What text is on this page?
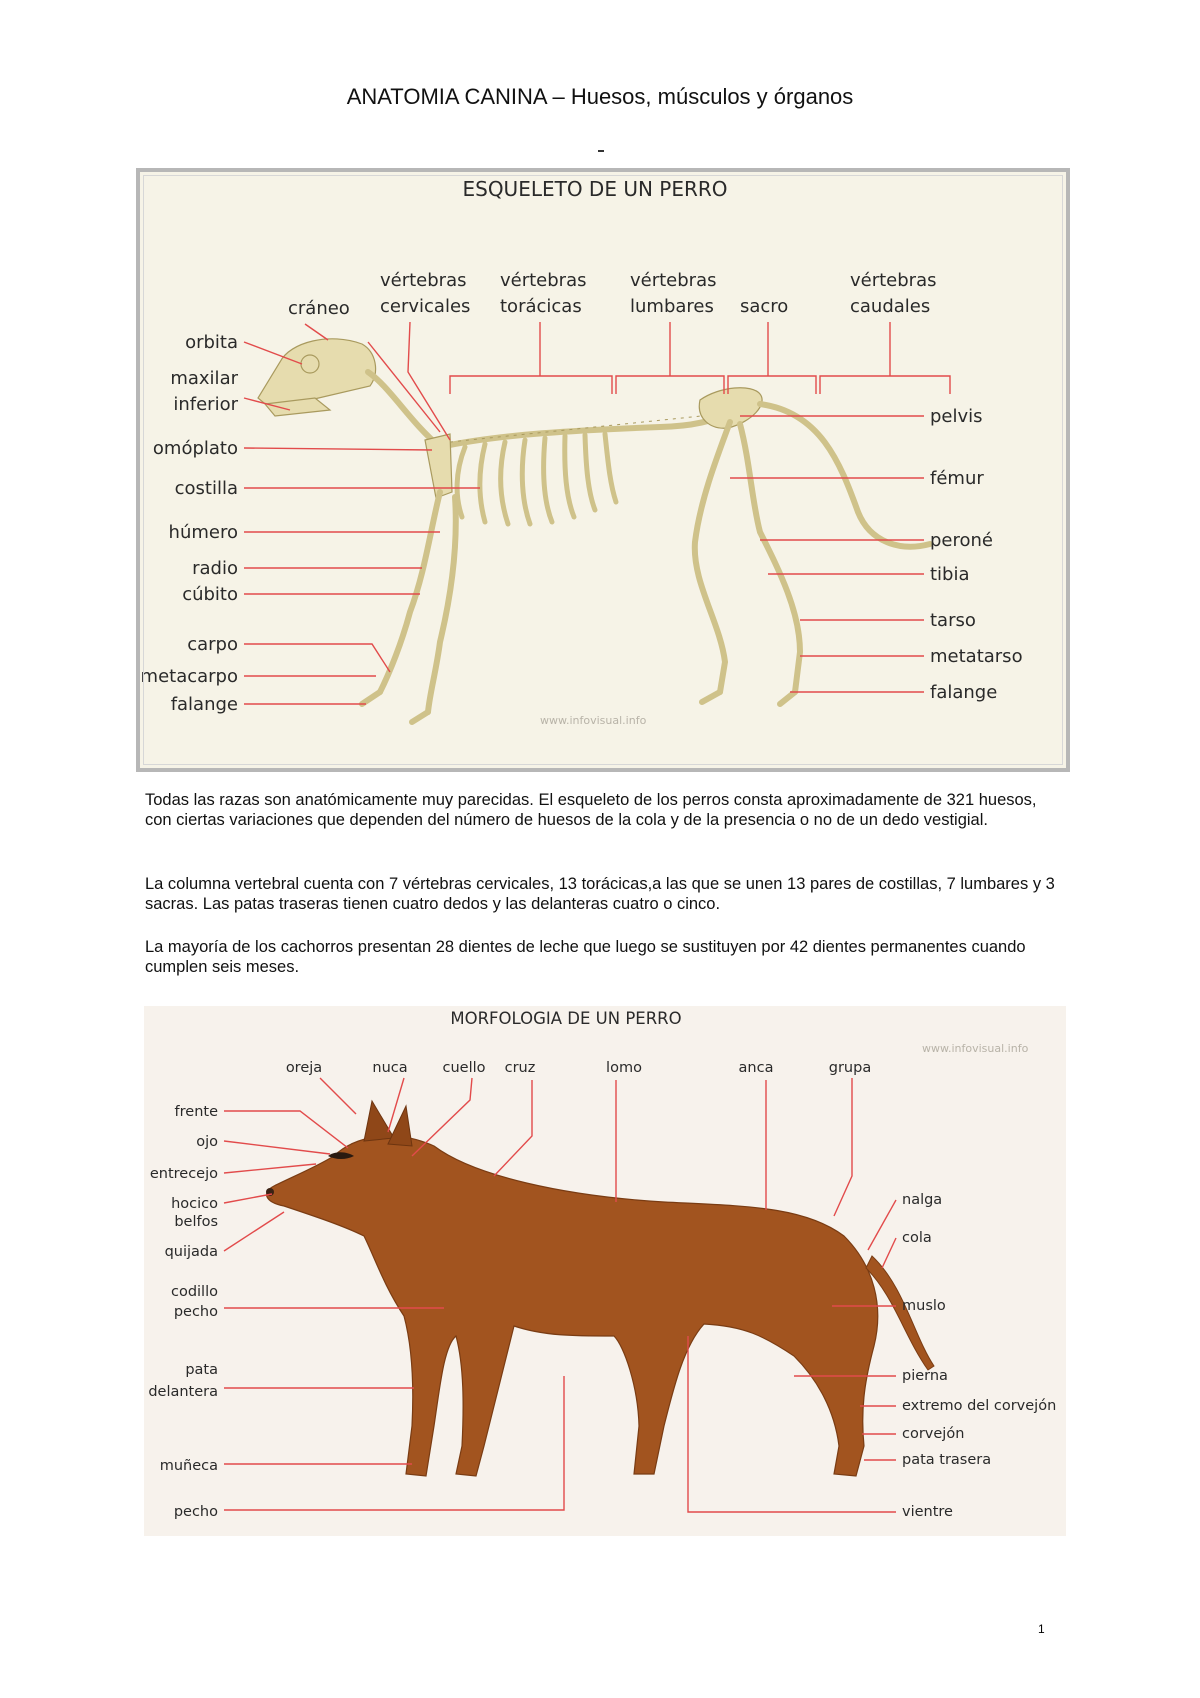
ANATOMIA CANINA – Huesos, músculos y órganos
ESQUELETO DE UN PERRO
www.infovisual.info
cráneo
vértebras
cervicales
vértebras
torácicas
vértebras
lumbares sacro
vértebras
caudales
orbita
maxilar
inferior
omóplato
costilla
húmero
radio
cúbito
carpo
metacarpo
falange
pelvis
fémur
peroné
tibia
tarso
metatarso
falange

Todas las razas son anatómicamente muy parecidas. El esqueleto de los perros consta aproximadamente de 321 huesos, con ciertas variaciones que dependen del número de huesos de la cola y de la presencia o no de un dedo vestigial.

La columna vertebral cuenta con 7 vértebras cervicales, 13 torácicas,a las que se unen 13 pares de costillas, 7 lumbares y 3 sacras. Las patas traseras tienen cuatro dedos y las delanteras cuatro o cinco.

La mayoría de los cachorros presentan 28 dientes de leche que luego se sustituyen por 42 dientes permanentes cuando cumplen seis meses.

MORFOLOGIA DE UN PERRO
www.infovisual.info
oreja	nuca cuello cruz	lomo	anca	grupa
frente
ojo
entrecejo
hocico
belfos
quijada
codillo
pecho
pata
delantera
muñeca
pecho
nalga
cola
muslo
pierna
extremo del corvejón
corvejón
pata trasera
vientre
1
